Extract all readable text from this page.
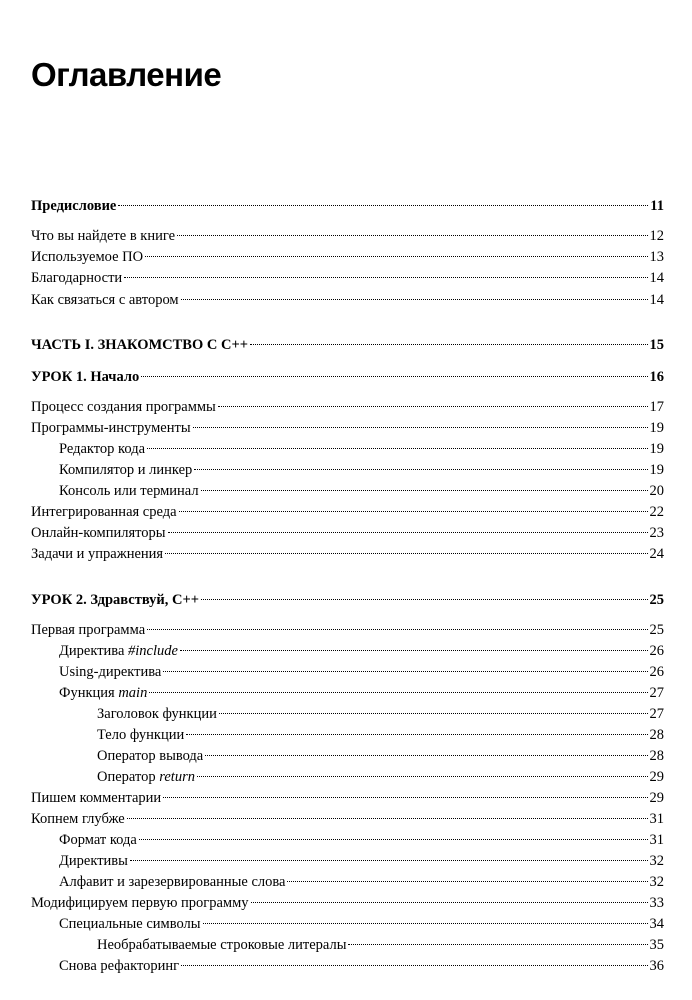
Оглавление
Предисловие	11
Что вы найдете в книге	12
Используемое ПО	13
Благодарности	14
Как связаться с автором	14
ЧАСТЬ I. ЗНАКОМСТВО С C++	15
УРОК 1. Начало	16
Процесс создания программы	17
Программы-инструменты	19
Редактор кода	19
Компилятор и линкер	19
Консоль или терминал	20
Интегрированная среда	22
Онлайн-компиляторы	23
Задачи и упражнения	24
УРОК 2. Здравствуй, C++	25
Первая программа	25
Директива #include	26
Using-директива	26
Функция main	27
Заголовок функции	27
Тело функции	28
Оператор вывода	28
Оператор return	29
Пишем комментарии	29
Копнем глубже	31
Формат кода	31
Директивы	32
Алфавит и зарезервированные слова	32
Модифицируем первую программу	33
Специальные символы	34
Необрабатываемые строковые литералы	35
Снова рефакторинг	36
